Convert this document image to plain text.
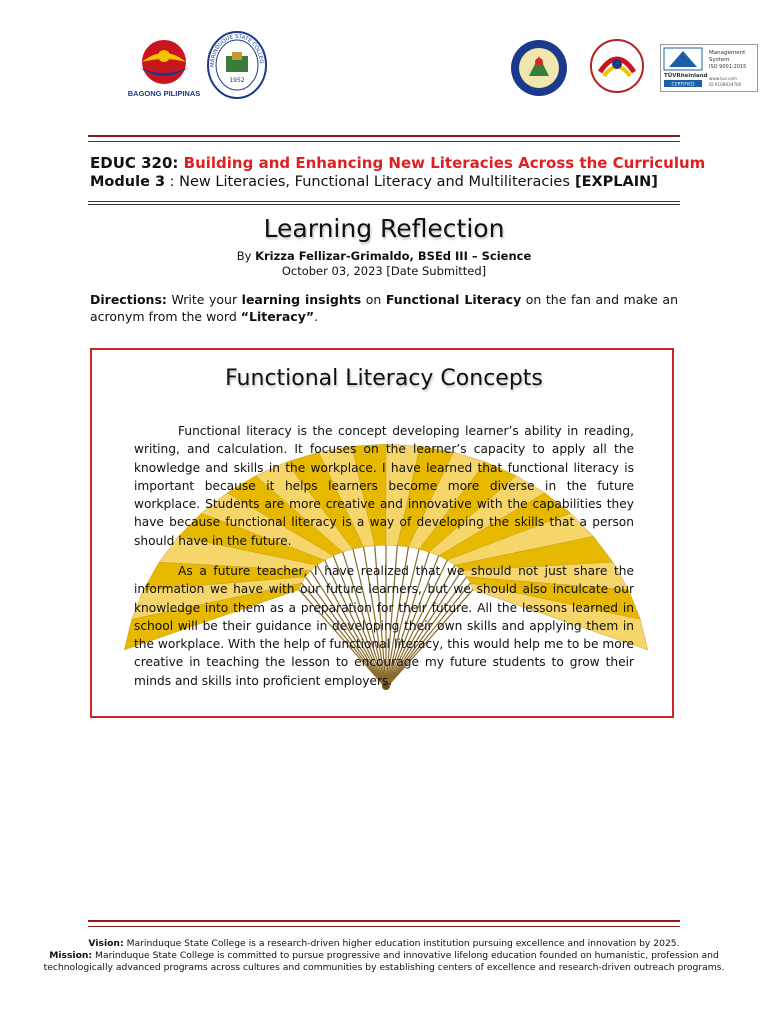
BAGONG PILIPINAS
MARINDUQUE STATE COLLEG
1952
TÜVRheinland
CERTIFIED
Management
System
ISO 9001:2015
www.tuv.com
ID 9108634760
EDUC 320: Building and Enhancing New Literacies Across the Curriculum
Module 3 : New Literacies, Functional Literacy and Multiliteracies [EXPLAIN]
Learning Reflection
By Krizza Fellizar-Grimaldo, BSEd III – Science
October 03, 2023 [Date Submitted]
Directions: Write your learning insights on Functional Literacy on the fan and make an acronym from the word “Literacy”.
Functional Literacy Concepts

Functional literacy is the concept developing learner’s ability in reading, writing, and calculation. It focuses on the learner’s capacity to apply all the knowledge and skills in the workplace. I have learned that functional literacy is important because it helps learners become more diverse in the future workplace. Students are more creative and innovative with the capabilities they have because functional literacy is a way of developing the skills that a person should have in the future.

As a future teacher, I have realized that we should not just share the information we have with our future learners, but we should also inculcate our knowledge into them as a preparation for their future. All the lessons learned in school will be their guidance in developing their own skills and applying them in the workplace. With the help of functional literacy, this would help me to be more creative in teaching the lesson to encourage my future students to grow their minds and skills into proficient employers.

Vision: Marinduque State College is a research-driven higher education institution pursuing excellence and innovation by 2025.
Mission: Marinduque State College is committed to pursue progressive and innovative lifelong education founded on humanistic, profession and technologically advanced programs across cultures and communities by establishing centers of excellence and research-driven outreach programs.
